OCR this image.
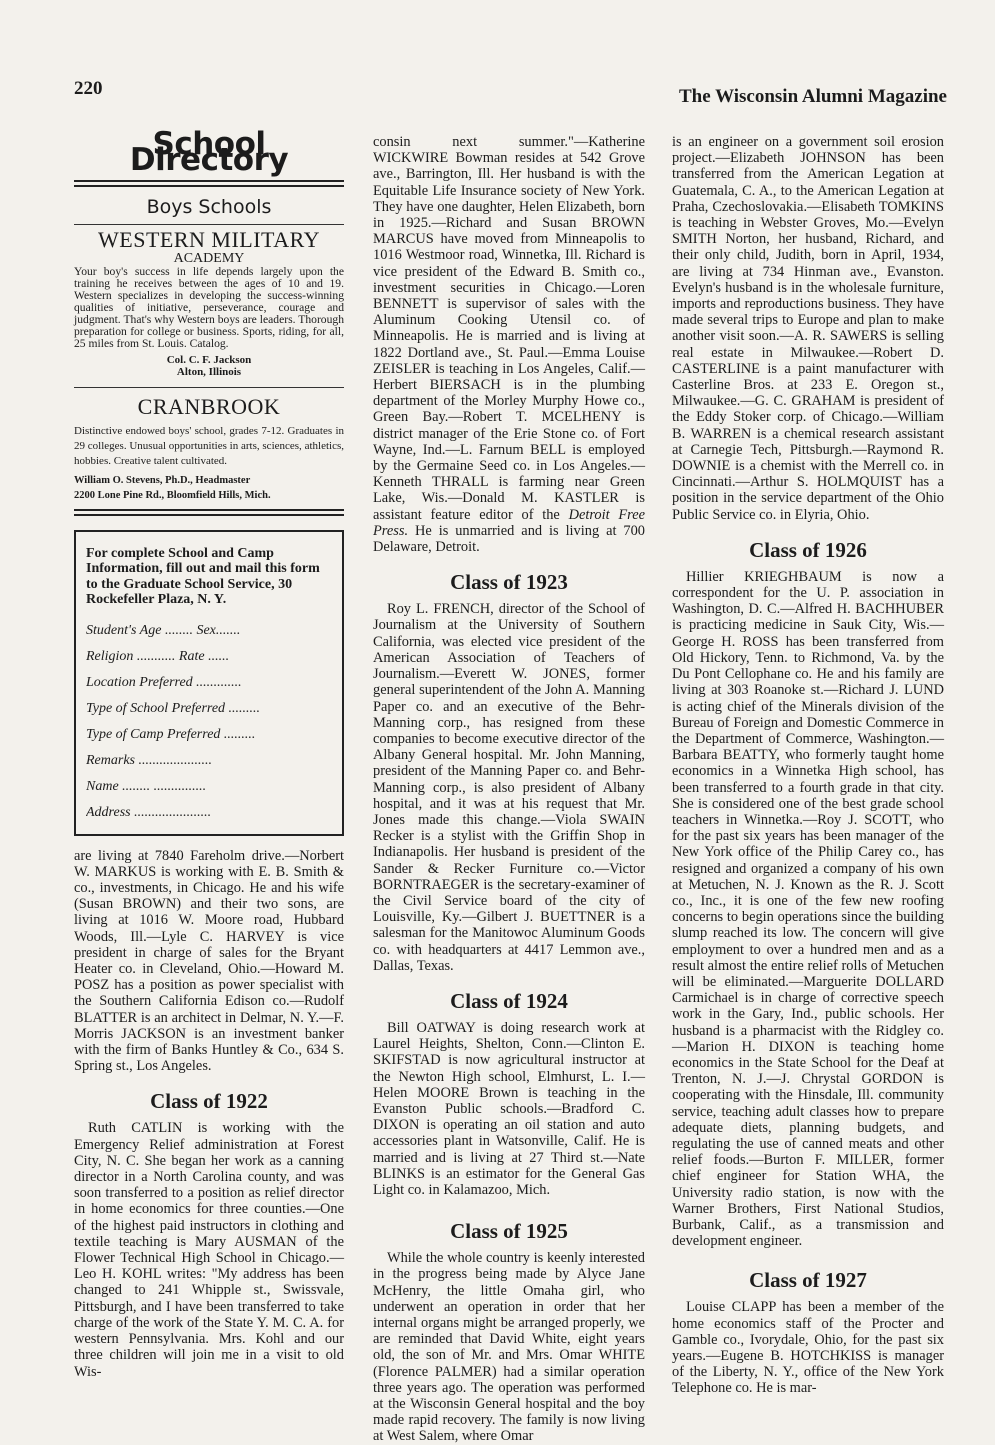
220	The Wisconsin Alumni Magazine
School Directory
Boys Schools
WESTERN MILITARY
ACADEMY
Your boy's success in life depends largely upon the training he receives between the ages of 10 and 19. Western specializes in developing the success-winning qualities of initiative, perseverance, courage and judgment. That's why Western boys are leaders. Thorough preparation for college or business. Sports, riding, for all, 25 miles from St. Louis. Catalog.
Col. C. F. Jackson
Alton, Illinois
CRANBROOK
Distinctive endowed boys' school, grades 7-12. Graduates in 29 colleges. Unusual opportunities in arts, sciences, athletics, hobbies. Creative talent cultivated.
William O. Stevens, Ph.D., Headmaster
2200 Lone Pine Rd., Bloomfield Hills, Mich.
For complete School and Camp Information, fill out and mail this form to the Graduate School Service, 30 Rockefeller Plaza, N. Y.
Student's Age ........ Sex.......
Religion ........... Rate ......
Location Preferred .............
Type of School Preferred .........
Type of Camp Preferred .........
Remarks .....................
Name ........ ...............
Address ......................

are living at 7840 Fareholm drive.—Norbert W. MARKUS is working with E. B. Smith & co., investments, in Chicago. He and his wife (Susan BROWN) and their two sons, are living at 1016 W. Moore road, Hubbard Woods, Ill.—Lyle C. HARVEY is vice president in charge of sales for the Bryant Heater co. in Cleveland, Ohio.—Howard M. POSZ has a position as power specialist with the Southern California Edison co.—Rudolf BLATTER is an architect in Delmar, N. Y.—F. Morris JACKSON is an investment banker with the firm of Banks Huntley & Co., 634 S. Spring st., Los Angeles.

Class of 1922

Ruth CATLIN is working with the Emergency Relief administration at Forest City, N. C. She began her work as a canning director in a North Carolina county, and was soon transferred to a position as relief director in home economics for three counties.—One of the highest paid instructors in clothing and textile teaching is Mary AUSMAN of the Flower Technical High School in Chicago.—Leo H. KOHL writes: "My address has been changed to 241 Whipple st., Swissvale, Pittsburgh, and I have been transferred to take charge of the work of the State Y. M. C. A. for western Pennsylvania. Mrs. Kohl and our three children will join me in a visit to old Wis-

consin next summer."—Katherine WICKWIRE Bowman resides at 542 Grove ave., Barrington, Ill. Her husband is with the Equitable Life Insurance society of New York. They have one daughter, Helen Elizabeth, born in 1925.—Richard and Susan BROWN MARCUS have moved from Minneapolis to 1016 Westmoor road, Winnetka, Ill. Richard is vice president of the Edward B. Smith co., investment securities in Chicago.—Loren BENNETT is supervisor of sales with the Aluminum Cooking Utensil co. of Minneapolis. He is married and is living at 1822 Dortland ave., St. Paul.—Emma Louise ZEISLER is teaching in Los Angeles, Calif.—Herbert BIERSACH is in the plumbing department of the Morley Murphy Howe co., Green Bay.—Robert T. MCELHENY is district manager of the Erie Stone co. of Fort Wayne, Ind.—L. Farnum BELL is employed by the Germaine Seed co. in Los Angeles.—Kenneth THRALL is farming near Green Lake, Wis.—Donald M. KASTLER is assistant feature editor of the Detroit Free Press. He is unmarried and is living at 700 Delaware, Detroit.

Class of 1923

Roy L. FRENCH, director of the School of Journalism at the University of Southern California, was elected vice president of the American Association of Teachers of Journalism.—Everett W. JONES, former general superintendent of the John A. Manning Paper co. and an executive of the Behr-Manning corp., has resigned from these companies to become executive director of the Albany General hospital. Mr. John Manning, president of the Manning Paper co. and Behr-Manning corp., is also president of Albany hospital, and it was at his request that Mr. Jones made this change.—Viola SWAIN Recker is a stylist with the Griffin Shop in Indianapolis. Her husband is president of the Sander & Recker Furniture co.—Victor BORNTRAEGER is the secretary-examiner of the Civil Service board of the city of Louisville, Ky.—Gilbert J. BUETTNER is a salesman for the Manitowoc Aluminum Goods co. with headquarters at 4417 Lemmon ave., Dallas, Texas.

Class of 1924

Bill OATWAY is doing research work at Laurel Heights, Shelton, Conn.—Clinton E. SKIFSTAD is now agricultural instructor at the Newton High school, Elmhurst, L. I.—Helen MOORE Brown is teaching in the Evanston Public schools.—Bradford C. DIXON is operating an oil station and auto accessories plant in Watsonville, Calif. He is married and is living at 27 Third st.—Nate BLINKS is an estimator for the General Gas Light co. in Kalamazoo, Mich.

Class of 1925

While the whole country is keenly interested in the progress being made by Alyce Jane McHenry, the little Omaha girl, who underwent an operation in order that her internal organs might be arranged properly, we are reminded that David White, eight years old, the son of Mr. and Mrs. Omar WHITE (Florence PALMER) had a similar operation three years ago. The operation was performed at the Wisconsin General hospital and the boy made rapid recovery. The family is now living at West Salem, where Omar

is an engineer on a government soil erosion project.—Elizabeth JOHNSON has been transferred from the American Legation at Guatemala, C. A., to the American Legation at Praha, Czechoslovakia.—Elisabeth TOMKINS is teaching in Webster Groves, Mo.—Evelyn SMITH Norton, her husband, Richard, and their only child, Judith, born in April, 1934, are living at 734 Hinman ave., Evanston. Evelyn's husband is in the wholesale furniture, imports and reproductions business. They have made several trips to Europe and plan to make another visit soon.—A. R. SAWERS is selling real estate in Milwaukee.—Robert D. CASTERLINE is a paint manufacturer with Casterline Bros. at 233 E. Oregon st., Milwaukee.—G. C. GRAHAM is president of the Eddy Stoker corp. of Chicago.—William B. WARREN is a chemical research assistant at Carnegie Tech, Pittsburgh.—Raymond R. DOWNIE is a chemist with the Merrell co. in Cincinnati.—Arthur S. HOLMQUIST has a position in the service department of the Ohio Public Service co. in Elyria, Ohio.

Class of 1926

Hillier KRIEGHBAUM is now a correspondent for the U. P. association in Washington, D. C.—Alfred H. BACHHUBER is practicing medicine in Sauk City, Wis.—George H. ROSS has been transferred from Old Hickory, Tenn. to Richmond, Va. by the Du Pont Cellophane co. He and his family are living at 303 Roanoke st.—Richard J. LUND is acting chief of the Minerals division of the Bureau of Foreign and Domestic Commerce in the Department of Commerce, Washington.—Barbara BEATTY, who formerly taught home economics in a Winnetka High school, has been transferred to a fourth grade in that city. She is considered one of the best grade school teachers in Winnetka.—Roy J. SCOTT, who for the past six years has been manager of the New York office of the Philip Carey co., has resigned and organized a company of his own at Metuchen, N. J. Known as the R. J. Scott co., Inc., it is one of the few new roofing concerns to begin operations since the building slump reached its low. The concern will give employment to over a hundred men and as a result almost the entire relief rolls of Metuchen will be eliminated.—Marguerite DOLLARD Carmichael is in charge of corrective speech work in the Gary, Ind., public schools. Her husband is a pharmacist with the Ridgley co.—Marion H. DIXON is teaching home economics in the State School for the Deaf at Trenton, N. J.—J. Chrystal GORDON is cooperating with the Hinsdale, Ill. community service, teaching adult classes how to prepare adequate diets, planning budgets, and regulating the use of canned meats and other relief foods.—Burton F. MILLER, former chief engineer for Station WHA, the University radio station, is now with the Warner Brothers, First National Studios, Burbank, Calif., as a transmission and development engineer.

Class of 1927

Louise CLAPP has been a member of the home economics staff of the Procter and Gamble co., Ivorydale, Ohio, for the past six years.—Eugene B. HOTCHKISS is manager of the Liberty, N. Y., office of the New York Telephone co. He is mar-
